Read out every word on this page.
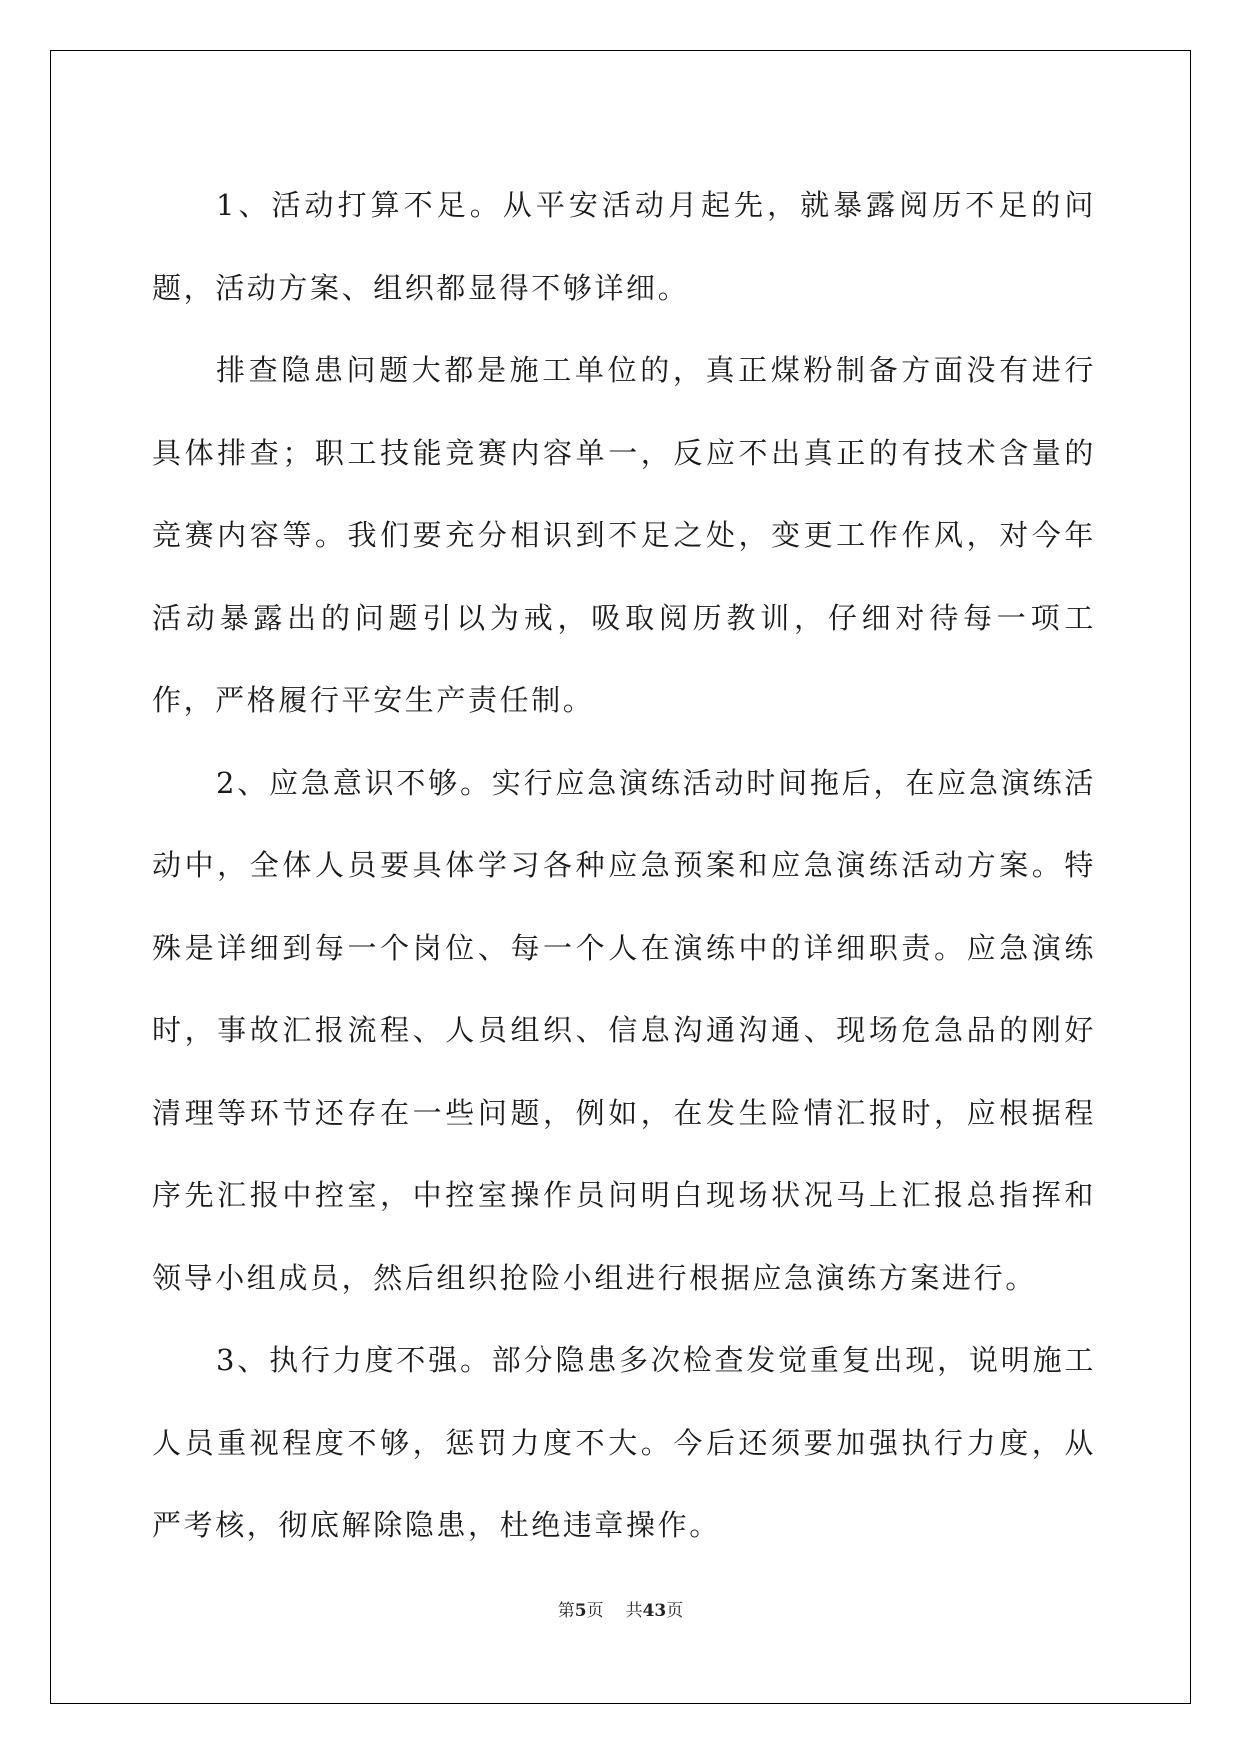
1、活动打算不足。从平安活动月起先，就暴露阅历不足的问题，活动方案、组织都显得不够详细。

排查隐患问题大都是施工单位的，真正煤粉制备方面没有进行具体排查；职工技能竞赛内容单一，反应不出真正的有技术含量的竞赛内容等。我们要充分相识到不足之处，变更工作作风，对今年活动暴露出的问题引以为戒，吸取阅历教训，仔细对待每一项工作，严格履行平安生产责任制。

2、应急意识不够。实行应急演练活动时间拖后，在应急演练活动中，全体人员要具体学习各种应急预案和应急演练活动方案。特殊是详细到每一个岗位、每一个人在演练中的详细职责。应急演练时，事故汇报流程、人员组织、信息沟通沟通、现场危急品的刚好清理等环节还存在一些问题，例如，在发生险情汇报时，应根据程序先汇报中控室，中控室操作员问明白现场状况马上汇报总指挥和领导小组成员，然后组织抢险小组进行根据应急演练方案进行。

3、执行力度不强。部分隐患多次检查发觉重复出现，说明施工人员重视程度不够，惩罚力度不大。今后还须要加强执行力度，从严考核，彻底解除隐患，杜绝违章操作。

第5页 共43页
